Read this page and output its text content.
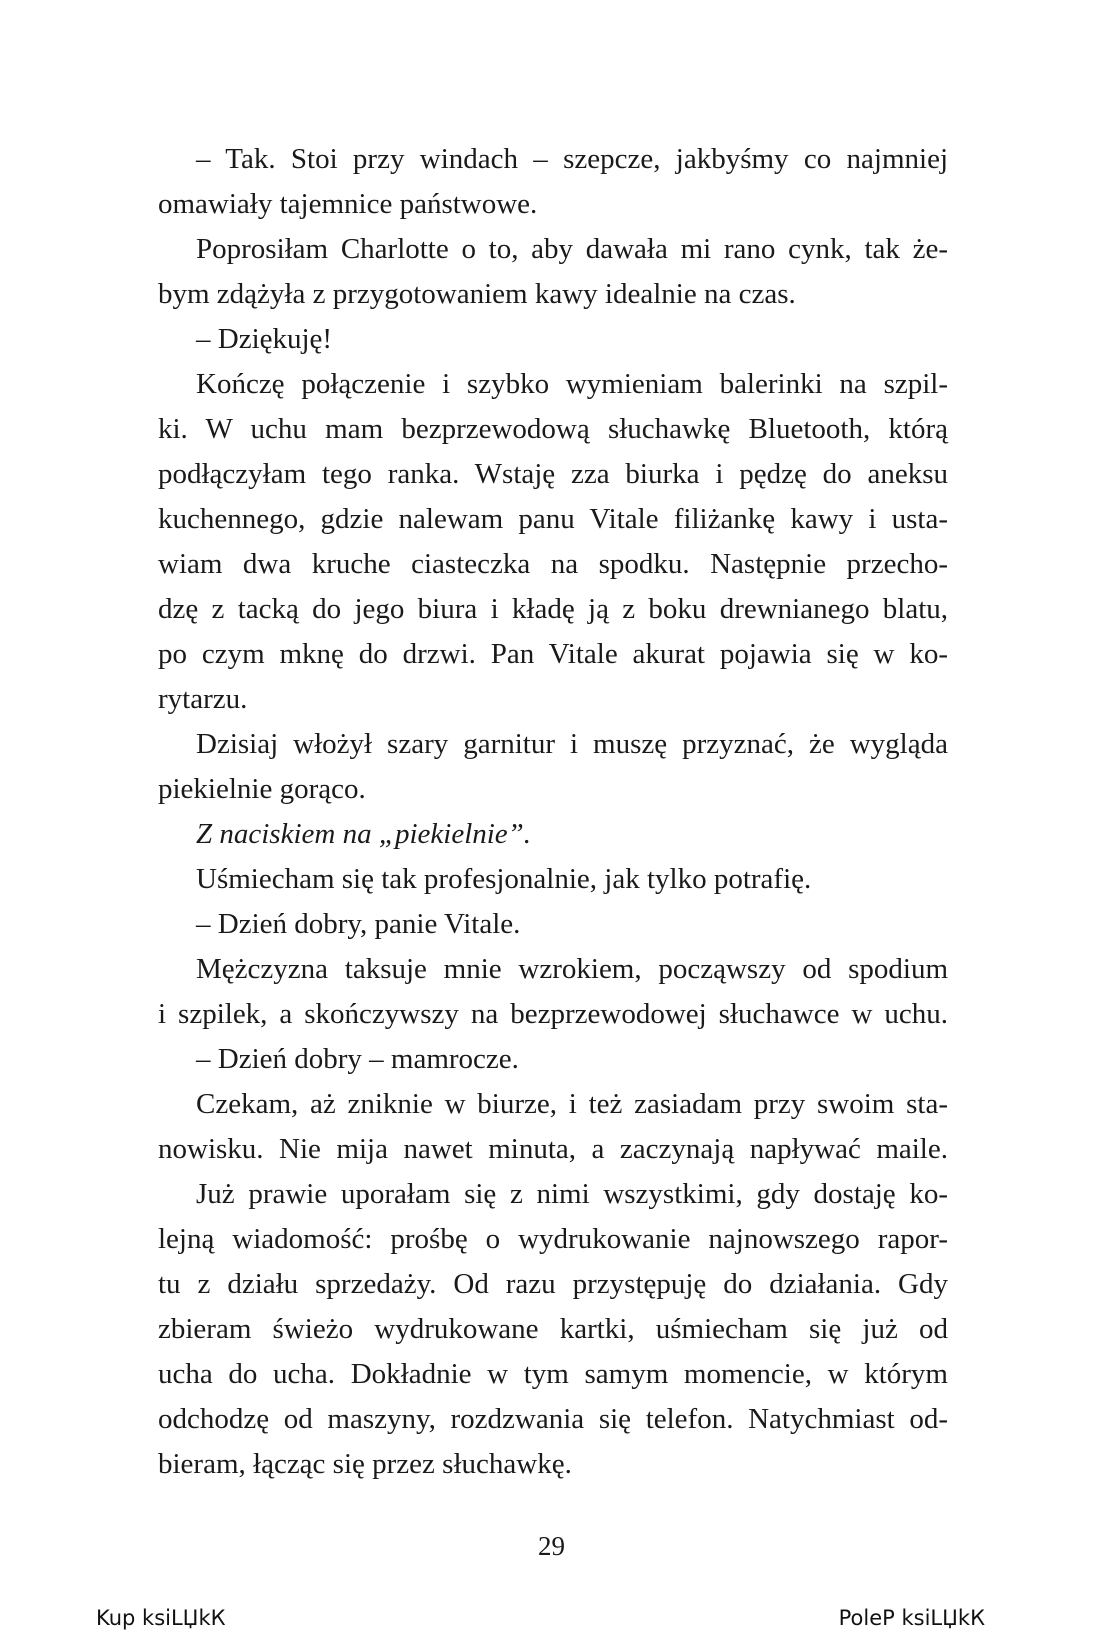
– Tak. Stoi przy windach – szepcze, jakbyśmy co najmniej
omawiały tajemnice państwowe.
Poprosiłam Charlotte o to, aby dawała mi rano cynk, tak że-
bym zdążyła z przygotowaniem kawy idealnie na czas.
– Dziękuję!
Kończę połączenie i szybko wymieniam balerinki na szpil-
ki. W uchu mam bezprzewodową słuchawkę Bluetooth, którą
podłączyłam tego ranka. Wstaję zza biurka i pędzę do aneksu
kuchennego, gdzie nalewam panu Vitale filiżankę kawy i usta-
wiam dwa kruche ciasteczka na spodku. Następnie przecho-
dzę z tacką do jego biura i kładę ją z boku drewnianego blatu,
po czym mknę do drzwi. Pan Vitale akurat pojawia się w ko-
rytarzu.
Dzisiaj włożył szary garnitur i muszę przyznać, że wygląda
piekielnie gorąco.
Z naciskiem na „piekielnie”.
Uśmiecham się tak profesjonalnie, jak tylko potrafię.
– Dzień dobry, panie Vitale.
Mężczyzna taksuje mnie wzrokiem, począwszy od spodium
i szpilek, a skończywszy na bezprzewodowej słuchawce w uchu.
– Dzień dobry – mamrocze.
Czekam, aż zniknie w biurze, i też zasiadam przy swoim sta-
nowisku. Nie mija nawet minuta, a zaczynają napływać maile.
Już prawie uporałam się z nimi wszystkimi, gdy dostaję ko-
lejną wiadomość: prośbę o wydrukowanie najnowszego rapor-
tu z działu sprzedaży. Od razu przystępuję do działania. Gdy
zbieram świeżo wydrukowane kartki, uśmiecham się już od
ucha do ucha. Dokładnie w tym samym momencie, w którym
odchodzę od maszyny, rozdzwania się telefon. Natychmiast od-
bieram, łącząc się przez słuchawkę.
29
Kup ksiLЏkК	PoleР ksiLЏkК
